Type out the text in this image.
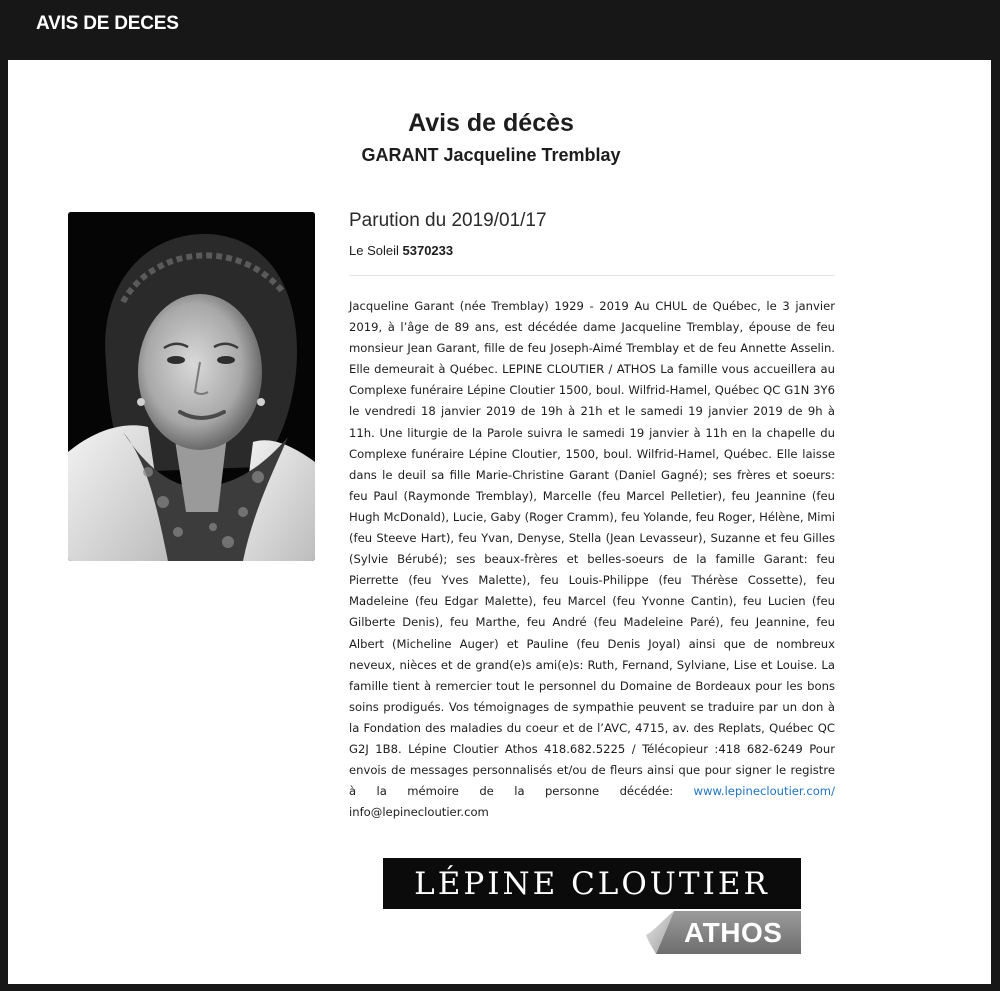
AVIS DE DECES
Avis de décès
GARANT Jacqueline Tremblay
Parution du 2019/01/17
Le Soleil 5370233

Jacqueline Garant (née Tremblay) 1929 - 2019 Au CHUL de Québec, le 3 janvier 2019, à l’âge de 89 ans, est décédée dame Jacqueline Tremblay, épouse de feu monsieur Jean Garant, fille de feu Joseph-Aimé Tremblay et de feu Annette Asselin. Elle demeurait à Québec. LEPINE CLOUTIER / ATHOS La famille vous accueillera au Complexe funéraire Lépine Cloutier 1500, boul. Wilfrid-Hamel, Québec QC G1N 3Y6 le vendredi 18 janvier 2019 de 19h à 21h et le samedi 19 janvier 2019 de 9h à 11h. Une liturgie de la Parole suivra le samedi 19 janvier à 11h en la chapelle du Complexe funéraire Lépine Cloutier, 1500, boul. Wilfrid-Hamel, Québec. Elle laisse dans le deuil sa fille Marie-Christine Garant (Daniel Gagné); ses frères et soeurs: feu Paul (Raymonde Tremblay), Marcelle (feu Marcel Pelletier), feu Jeannine (feu Hugh McDonald), Lucie, Gaby (Roger Cramm), feu Yolande, feu Roger, Hélène, Mimi (feu Steeve Hart), feu Yvan, Denyse, Stella (Jean Levasseur), Suzanne et feu Gilles (Sylvie Bérubé); ses beaux-frères et belles-soeurs de la famille Garant: feu Pierrette (feu Yves Malette), feu Louis-Philippe (feu Thérèse Cossette), feu Madeleine (feu Edgar Malette), feu Marcel (feu Yvonne Cantin), feu Lucien (feu Gilberte Denis), feu Marthe, feu André (feu Madeleine Paré), feu Jeannine, feu Albert (Micheline Auger) et Pauline (feu Denis Joyal) ainsi que de nombreux neveux, nièces et de grand(e)s ami(e)s: Ruth, Fernand, Sylviane, Lise et Louise. La famille tient à remercier tout le personnel du Domaine de Bordeaux pour les bons soins prodigués. Vos témoignages de sympathie peuvent se traduire par un don à la Fondation des maladies du coeur et de l’AVC, 4715, av. des Replats, Québec QC G2J 1B8. Lépine Cloutier Athos 418.682.5225 / Télécopieur :418 682-6249 Pour envois de messages personnalisés et/ou de fleurs ainsi que pour signer le registre à la mémoire de la personne décédée: www.lepinecloutier.com/ info@lepinecloutier.com

LÉPINE CLOUTIER
ATHOS
